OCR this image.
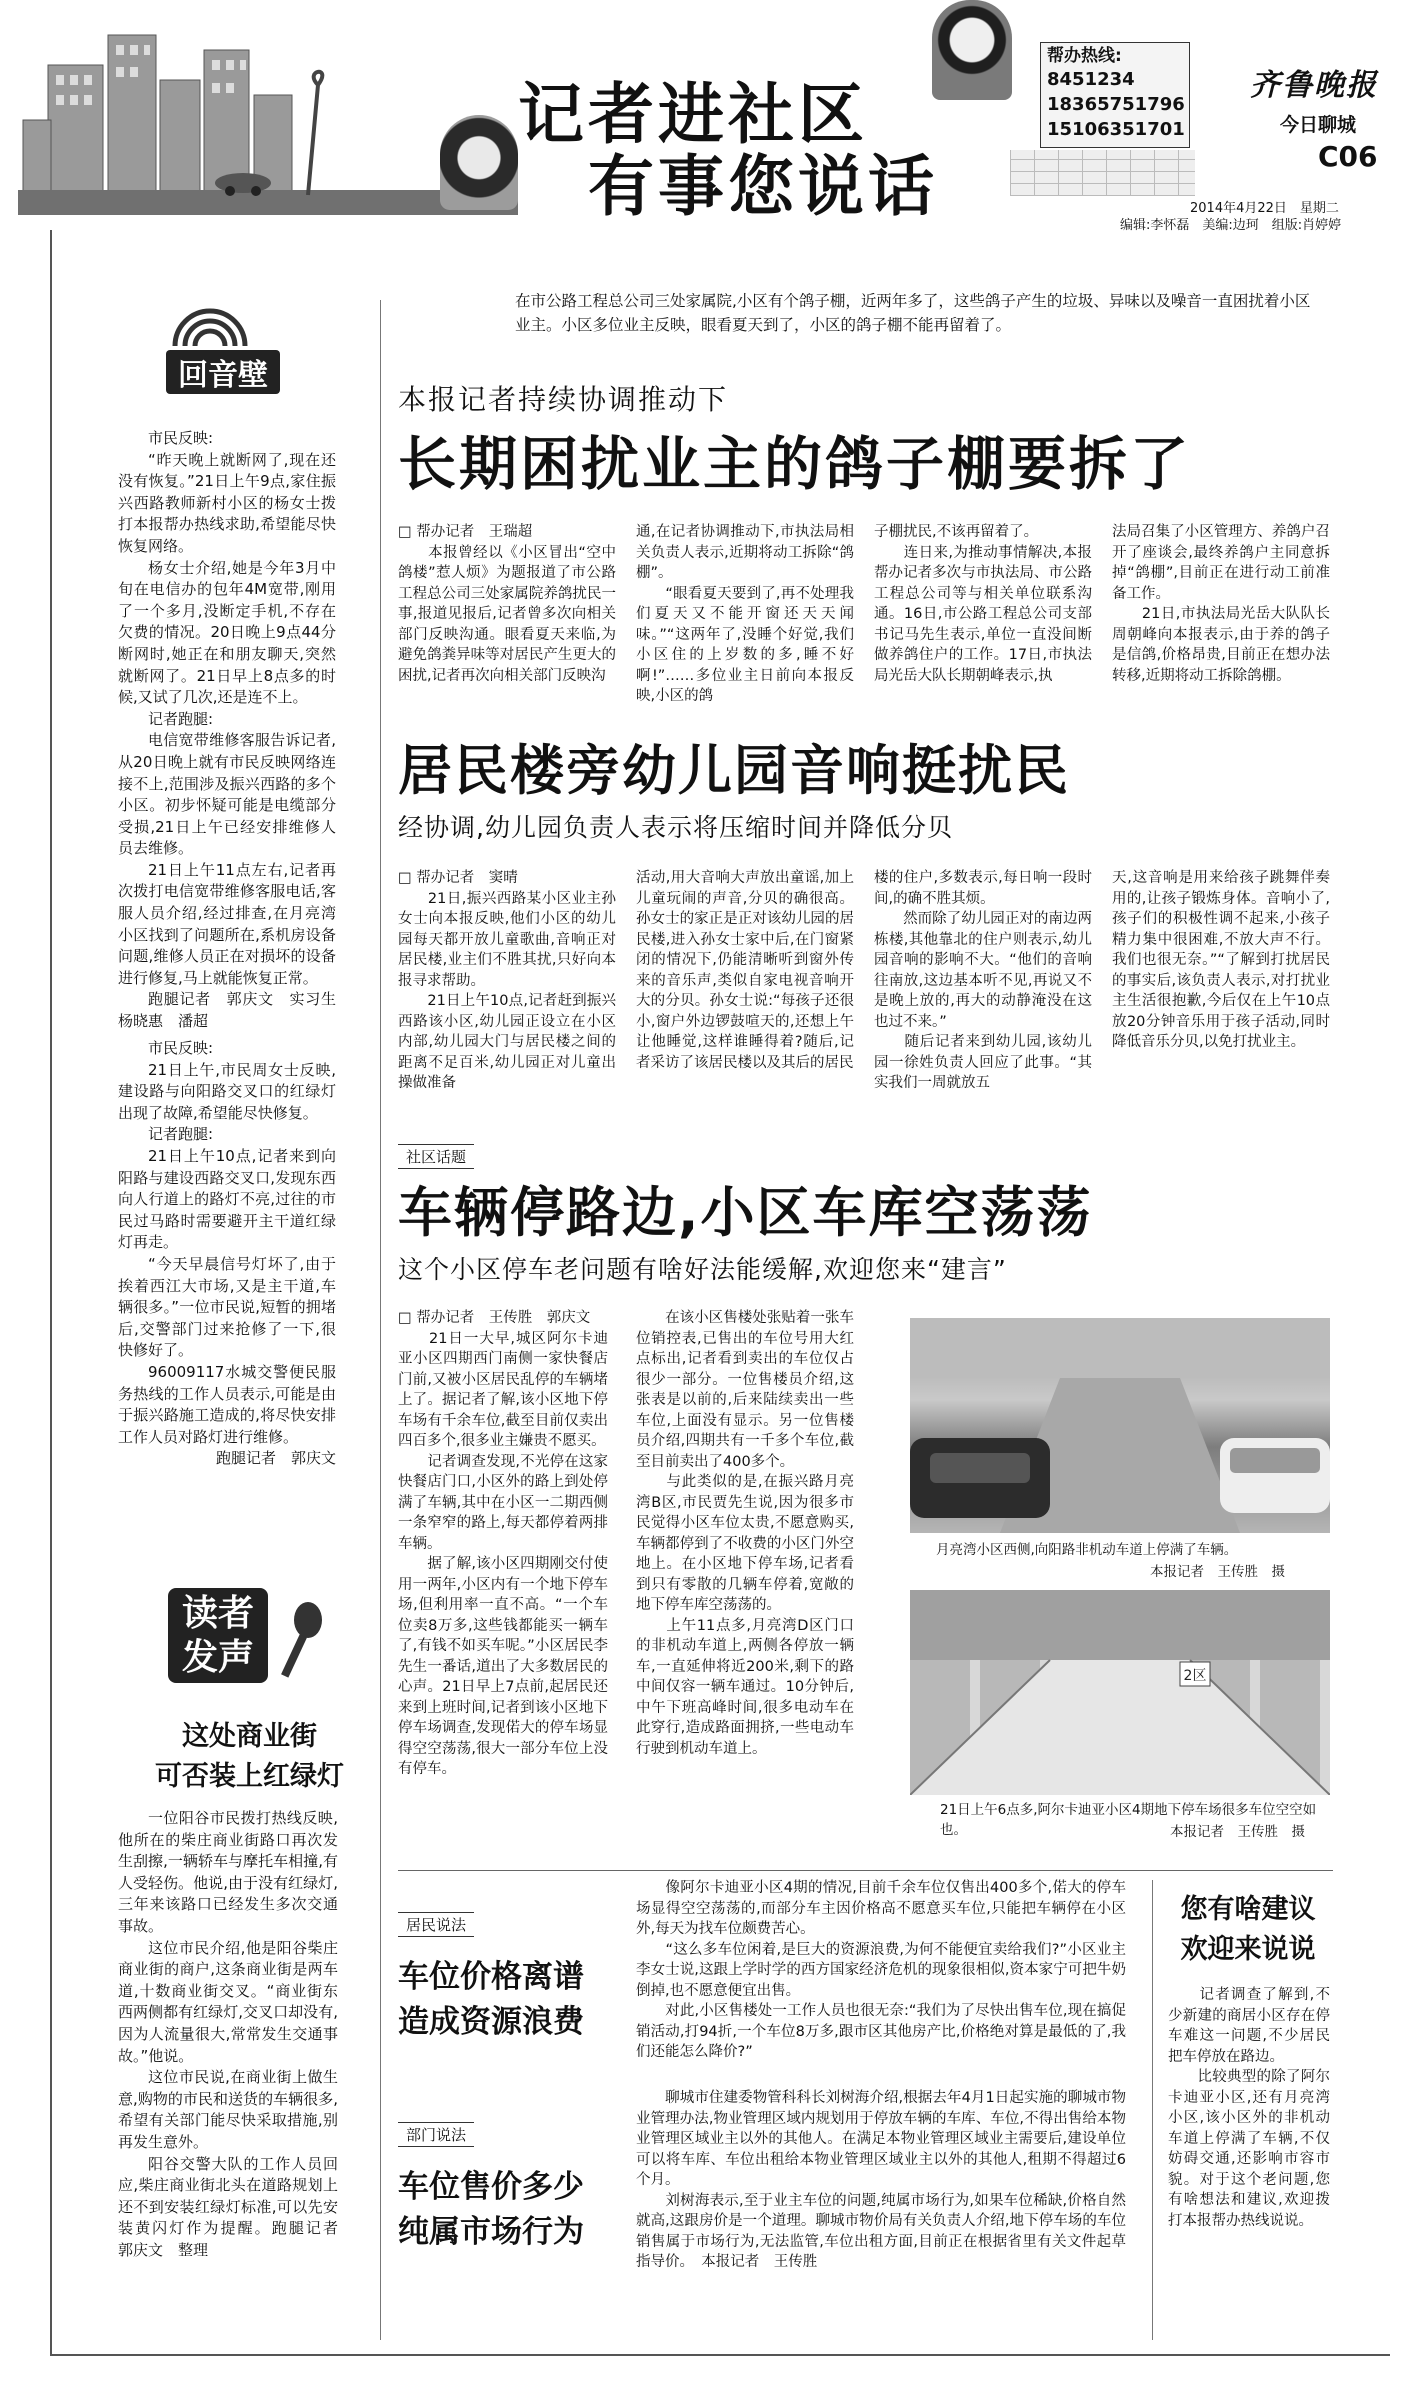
记者进社区
有事您说话
帮办热线:
8451234
18365751796
15106351701
齐鲁晚报
今日聊城
C06
2014年4月22日　星期二
编辑:李怀磊　美编:边珂　组版:肖婷婷
在市公路工程总公司三处家属院,小区有个鸽子棚，近两年多了，这些鸽子产生的垃圾、异味以及噪音一直困扰着小区业主。小区多位业主反映，眼看夏天到了，小区的鸽子棚不能再留着了。
回音壁

市民反映:

“昨天晚上就断网了,现在还没有恢复。”21日上午9点,家住振兴西路教师新村小区的杨女士拨打本报帮办热线求助,希望能尽快恢复网络。

杨女士介绍,她是今年3月中旬在电信办的包年4M宽带,刚用了一个多月,没断定手机,不存在欠费的情况。20日晚上9点44分断网时,她正在和朋友聊天,突然就断网了。21日早上8点多的时候,又试了几次,还是连不上。

记者跑腿:

电信宽带维修客服告诉记者,从20日晚上就有市民反映网络连接不上,范围涉及振兴西路的多个小区。初步怀疑可能是电缆部分受损,21日上午已经安排维修人员去维修。

21日上午11点左右,记者再次拨打电信宽带维修客服电话,客服人员介绍,经过排查,在月亮湾小区找到了问题所在,系机房设备问题,维修人员正在对损坏的设备进行修复,马上就能恢复正常。

跑腿记者　郭庆文　实习生　杨晓惠　潘超

市民反映:

21日上午,市民周女士反映,建设路与向阳路交叉口的红绿灯出现了故障,希望能尽快修复。

记者跑腿:

21日上午10点,记者来到向阳路与建设西路交叉口,发现东西向人行道上的路灯不亮,过往的市民过马路时需要避开主干道红绿灯再走。

“今天早晨信号灯坏了,由于挨着西江大市场,又是主干道,车辆很多。”一位市民说,短暂的拥堵后,交警部门过来抢修了一下,很快修好了。

96009117水城交警便民服务热线的工作人员表示,可能是由于振兴路施工造成的,将尽快安排工作人员对路灯进行维修。

跑腿记者　郭庆文

读者发声
这处商业街
可否装上红绿灯

一位阳谷市民拨打热线反映,他所在的柴庄商业街路口再次发生刮擦,一辆轿车与摩托车相撞,有人受轻伤。他说,由于没有红绿灯,三年来该路口已经发生多次交通事故。

这位市民介绍,他是阳谷柴庄商业街的商户,这条商业街是两车道,十数商业街交叉。“商业街东西两侧都有红绿灯,交叉口却没有,因为人流量很大,常常发生交通事故。”他说。

这位市民说,在商业街上做生意,购物的市民和送货的车辆很多,希望有关部门能尽快采取措施,别再发生意外。

阳谷交警大队的工作人员回应,柴庄商业街北头在道路规划上还不到安装红绿灯标准,可以先安装黄闪灯作为提醒。跑腿记者　郭庆文　整理

本报记者持续协调推动下
长期困扰业主的鸽子棚要拆了
□ 帮办记者　王瑞超
　　本报曾经以《小区冒出“空中鸽楼”惹人烦》为题报道了市公路工程总公司三处家属院养鸽扰民一事,报道见报后,记者曾多次向相关部门反映沟通。眼看夏天来临,为避免鸽粪异味等对居民产生更大的困扰,记者再次向相关部门反映沟
通,在记者协调推动下,市执法局相关负责人表示,近期将动工拆除“鸽棚”。
　　“眼看夏天要到了,再不处理我们夏天又不能开窗还天天闻味。”“这两年了,没睡个好觉,我们小区住的上岁数的多,睡不好啊!”……多位业主日前向本报反映,小区的鸽
子棚扰民,不该再留着了。
　　连日来,为推动事情解决,本报帮办记者多次与市执法局、市公路工程总公司等与相关单位联系沟通。16日,市公路工程总公司支部书记马先生表示,单位一直没间断做养鸽住户的工作。17日,市执法局光岳大队长期朝峰表示,执
法局召集了小区管理方、养鸽户召开了座谈会,最终养鸽户主同意拆掉“鸽棚”,目前正在进行动工前准备工作。
　　21日,市执法局光岳大队队长周朝峰向本报表示,由于养的鸽子是信鸽,价格昂贵,目前正在想办法转移,近期将动工拆除鸽棚。
居民楼旁幼儿园音响挺扰民
经协调,幼儿园负责人表示将压缩时间并降低分贝
□ 帮办记者　窦晴
　　21日,振兴西路某小区业主孙女士向本报反映,他们小区的幼儿园每天都开放儿童歌曲,音响正对居民楼,业主们不胜其扰,只好向本报寻求帮助。
　　21日上午10点,记者赶到振兴西路该小区,幼儿园正设立在小区内部,幼儿园大门与居民楼之间的距离不足百米,幼儿园正对儿童出操做准备
活动,用大音响大声放出童谣,加上儿童玩闹的声音,分贝的确很高。孙女士的家正是正对该幼儿园的居民楼,进入孙女士家中后,在门窗紧闭的情况下,仍能清晰听到窗外传来的音乐声,类似自家电视音响开大的分贝。孙女士说:“每孩子还很小,窗户外边锣鼓喧天的,还想上午让他睡觉,这样谁睡得着?随后,记者采访了该居民楼以及其后的居民
楼的住户,多数表示,每日响一段时间,的确不胜其烦。
　　然而除了幼儿园正对的南边两栋楼,其他靠北的住户则表示,幼儿园音响的影响不大。“他们的音响往南放,这边基本听不见,再说又不是晚上放的,再大的动静淹没在这也过不来。”
　　随后记者来到幼儿园,该幼儿园一徐姓负责人回应了此事。“其实我们一周就放五
天,这音响是用来给孩子跳舞伴奏用的,让孩子锻炼身体。音响小了,孩子们的积极性调不起来,小孩子精力集中很困难,不放大声不行。我们也很无奈。”“了解到打扰居民的事实后,该负责人表示,对打扰业主生活很抱歉,今后仅在上午10点放20分钟音乐用于孩子活动,同时降低音乐分贝,以免打扰业主。
社区话题
车辆停路边,小区车库空荡荡
这个小区停车老问题有啥好法能缓解,欢迎您来“建言”
□ 帮办记者　王传胜　郭庆文
　　21日一大早,城区阿尔卡迪亚小区四期西门南侧一家快餐店门前,又被小区居民乱停的车辆堵上了。据记者了解,该小区地下停车场有千余车位,截至目前仅卖出四百多个,很多业主嫌贵不愿买。
　　记者调查发现,不光停在这家快餐店门口,小区外的路上到处停满了车辆,其中在小区一二期西侧一条窄窄的路上,每天都停着两排车辆。
　　据了解,该小区四期刚交付使用一两年,小区内有一个地下停车场,但利用率一直不高。“一个车位卖8万多,这些钱都能买一辆车了,有钱不如买车呢。”小区居民李先生一番话,道出了大多数居民的心声。21日早上7点前,起居民还来到上班时间,记者到该小区地下停车场调查,发现偌大的停车场显得空空荡荡,很大一部分车位上没有停车。
　　在该小区售楼处张贴着一张车位销控表,已售出的车位号用大红点标出,记者看到卖出的车位仅占很少一部分。一位售楼员介绍,这张表是以前的,后来陆续卖出一些车位,上面没有显示。另一位售楼员介绍,四期共有一千多个车位,截至目前卖出了400多个。
　　与此类似的是,在振兴路月亮湾B区,市民贾先生说,因为很多市民觉得小区车位太贵,不愿意购买,车辆都停到了不收费的小区门外空地上。在小区地下停车场,记者看到只有零散的几辆车停着,宽敞的地下停车库空荡荡的。
　　上午11点多,月亮湾D区门口的非机动车道上,两侧各停放一辆车,一直延伸将近200米,剩下的路中间仅容一辆车通过。10分钟后,中午下班高峰时间,很多电动车在此穿行,造成路面拥挤,一些电动车行驶到机动车道上。
月亮湾小区西侧,向阳路非机动车道上停满了车辆。
本报记者　王传胜　摄
2区
21日上午6点多,阿尔卡迪亚小区4期地下停车场很多车位空空如也。	本报记者　王传胜　摄
居民说法
车位价格离谱
造成资源浪费
　　像阿尔卡迪亚小区4期的情况,目前千余车位仅售出400多个,偌大的停车场显得空空荡荡的,而部分车主因价格高不愿意买车位,只能把车辆停在小区外,每天为找车位颇费苦心。
　　“这么多车位闲着,是巨大的资源浪费,为何不能便宜卖给我们?”小区业主李女士说,这跟上学时学的西方国家经济危机的现象很相似,资本家宁可把牛奶倒掉,也不愿意便宜出售。
　　对此,小区售楼处一工作人员也很无奈:“我们为了尽快出售车位,现在搞促销活动,打94折,一个车位8万多,跟市区其他房产比,价格绝对算是最低的了,我们还能怎么降价?”
部门说法
车位售价多少
纯属市场行为
　　聊城市住建委物管科科长刘树海介绍,根据去年4月1日起实施的聊城市物业管理办法,物业管理区域内规划用于停放车辆的车库、车位,不得出售给本物业管理区域业主以外的其他人。在满足本物业管理区域业主需要后,建设单位可以将车库、车位出租给本物业管理区域业主以外的其他人,租期不得超过6个月。
　　刘树海表示,至于业主车位的问题,纯属市场行为,如果车位稀缺,价格自然就高,这跟房价是一个道理。聊城市物价局有关负责人介绍,地下停车场的车位销售属于市场行为,无法监管,车位出租方面,目前正在根据省里有关文件起草指导价。　本报记者　王传胜
您有啥建议
欢迎来说说
　　记者调查了解到,不少新建的商居小区存在停车难这一问题,不少居民把车停放在路边。
　　比较典型的除了阿尔卡迪亚小区,还有月亮湾小区,该小区外的非机动车道上停满了车辆,不仅妨碍交通,还影响市容市貌。对于这个老问题,您有啥想法和建议,欢迎拨打本报帮办热线说说。
